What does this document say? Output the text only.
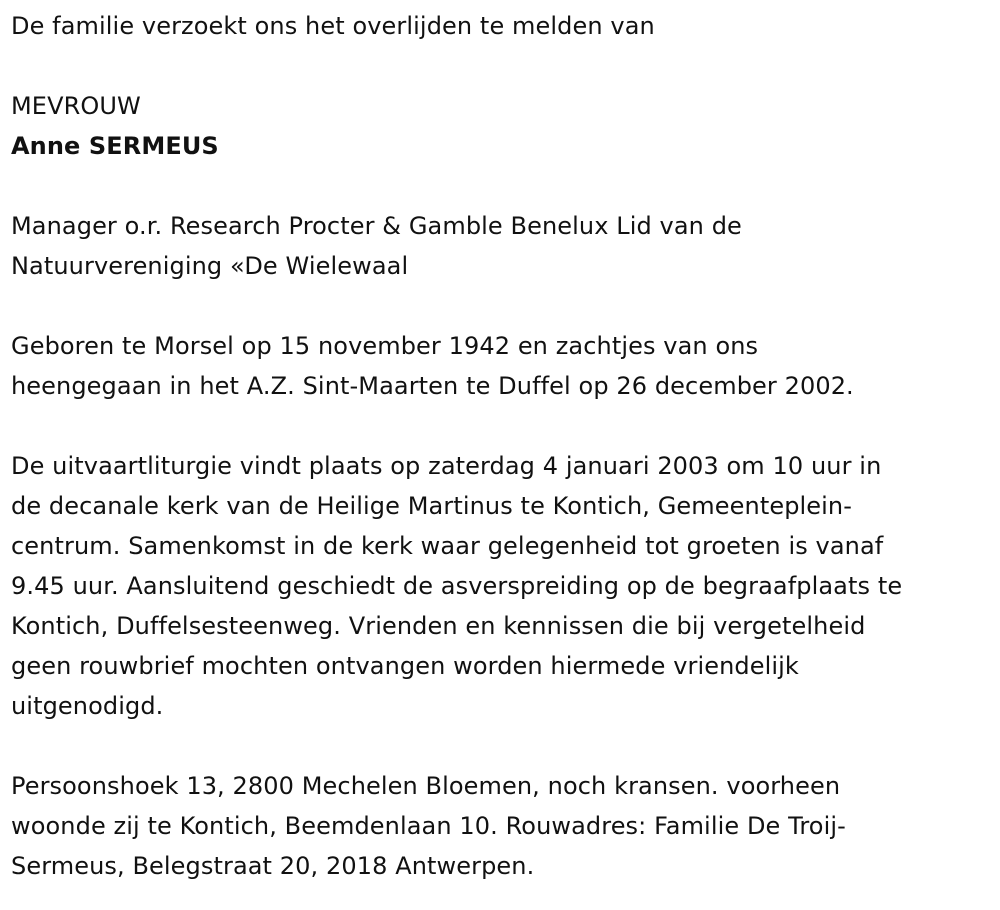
De familie verzoekt ons het overlijden te melden van
MEVROUW
Anne SERMEUS
Manager o.r. Research Procter & Gamble Benelux Lid van de
Natuurvereniging «De Wielewaal
Geboren te Morsel op 15 november 1942 en zachtjes van ons
heengegaan in het A.Z. Sint-Maarten te Duffel op 26 december 2002.
De uitvaartliturgie vindt plaats op zaterdag 4 januari 2003 om 10 uur in
de decanale kerk van de Heilige Martinus te Kontich, Gemeenteplein-
centrum. Samenkomst in de kerk waar gelegenheid tot groeten is vanaf
9.45 uur. Aansluitend geschiedt de asverspreiding op de begraafplaats te
Kontich, Duffelsesteenweg. Vrienden en kennissen die bij vergetelheid
geen rouwbrief mochten ontvangen worden hiermede vriendelijk
uitgenodigd.
Persoonshoek 13, 2800 Mechelen Bloemen, noch kransen. voorheen
woonde zij te Kontich, Beemdenlaan 10. Rouwadres: Familie De Troij-
Sermeus, Belegstraat 20, 2018 Antwerpen.
